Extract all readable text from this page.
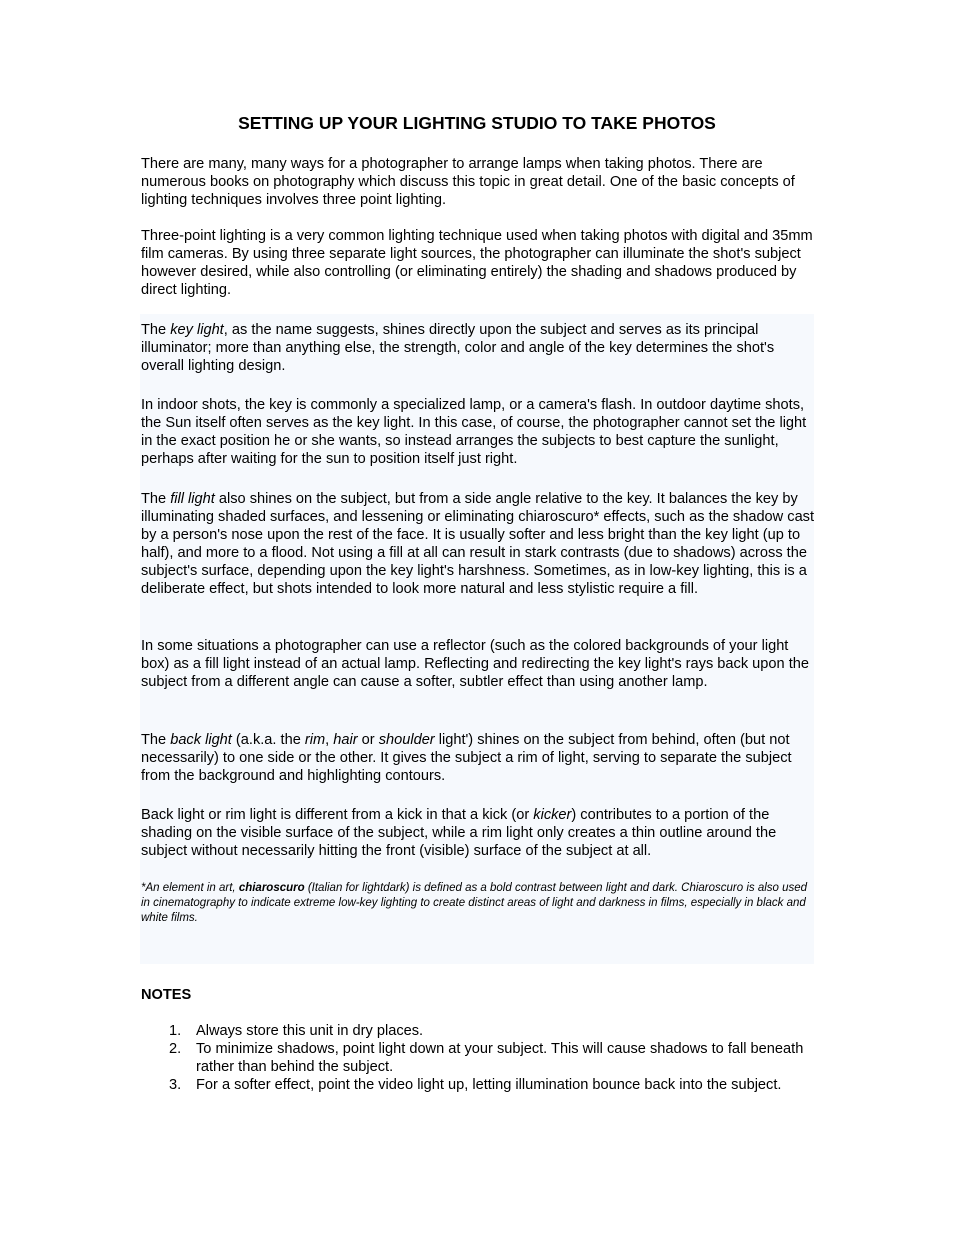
SETTING UP YOUR LIGHTING STUDIO TO TAKE PHOTOS

There are many, many ways for a photographer to arrange lamps when taking photos. There are numerous books on photography which discuss this topic in great detail. One of the basic concepts of lighting techniques involves three point lighting.

Three-point lighting is a very common lighting technique used when taking photos with digital and 35mm film cameras. By using three separate light sources, the photographer can illuminate the shot's subject however desired, while also controlling (or eliminating entirely) the shading and shadows produced by direct lighting.

The key light, as the name suggests, shines directly upon the subject and serves as its principal illuminator; more than anything else, the strength, color and angle of the key determines the shot's overall lighting design.

In indoor shots, the key is commonly a specialized lamp, or a camera's flash. In outdoor daytime shots, the Sun itself often serves as the key light. In this case, of course, the photographer cannot set the light in the exact position he or she wants, so instead arranges the subjects to best capture the sunlight, perhaps after waiting for the sun to position itself just right.

The fill light also shines on the subject, but from a side angle relative to the key. It balances the key by illuminating shaded surfaces, and lessening or eliminating chiaroscuro* effects, such as the shadow cast by a person's nose upon the rest of the face. It is usually softer and less bright than the key light (up to half), and more to a flood. Not using a fill at all can result in stark contrasts (due to shadows) across the subject's surface, depending upon the key light's harshness. Sometimes, as in low-key lighting, this is a deliberate effect, but shots intended to look more natural and less stylistic require a fill.

In some situations a photographer can use a reflector (such as the colored backgrounds of your light box) as a fill light instead of an actual lamp. Reflecting and redirecting the key light's rays back upon the subject from a different angle can cause a softer, subtler effect than using another lamp.

The back light (a.k.a. the rim, hair or shoulder light') shines on the subject from behind, often (but not necessarily) to one side or the other. It gives the subject a rim of light, serving to separate the subject from the background and highlighting contours.

Back light or rim light is different from a kick in that a kick (or kicker) contributes to a portion of the shading on the visible surface of the subject, while a rim light only creates a thin outline around the subject without necessarily hitting the front (visible) surface of the subject at all.

*An element in art, chiaroscuro (Italian for lightdark) is defined as a bold contrast between light and dark. Chiaroscuro is also used in cinematography to indicate extreme low-key lighting to create distinct areas of light and darkness in films, especially in black and white films.

NOTES
1. Always store this unit in dry places.
2. To minimize shadows, point light down at your subject. This will cause shadows to fall beneath rather than behind the subject.
3. For a softer effect, point the video light up, letting illumination bounce back into the subject.
